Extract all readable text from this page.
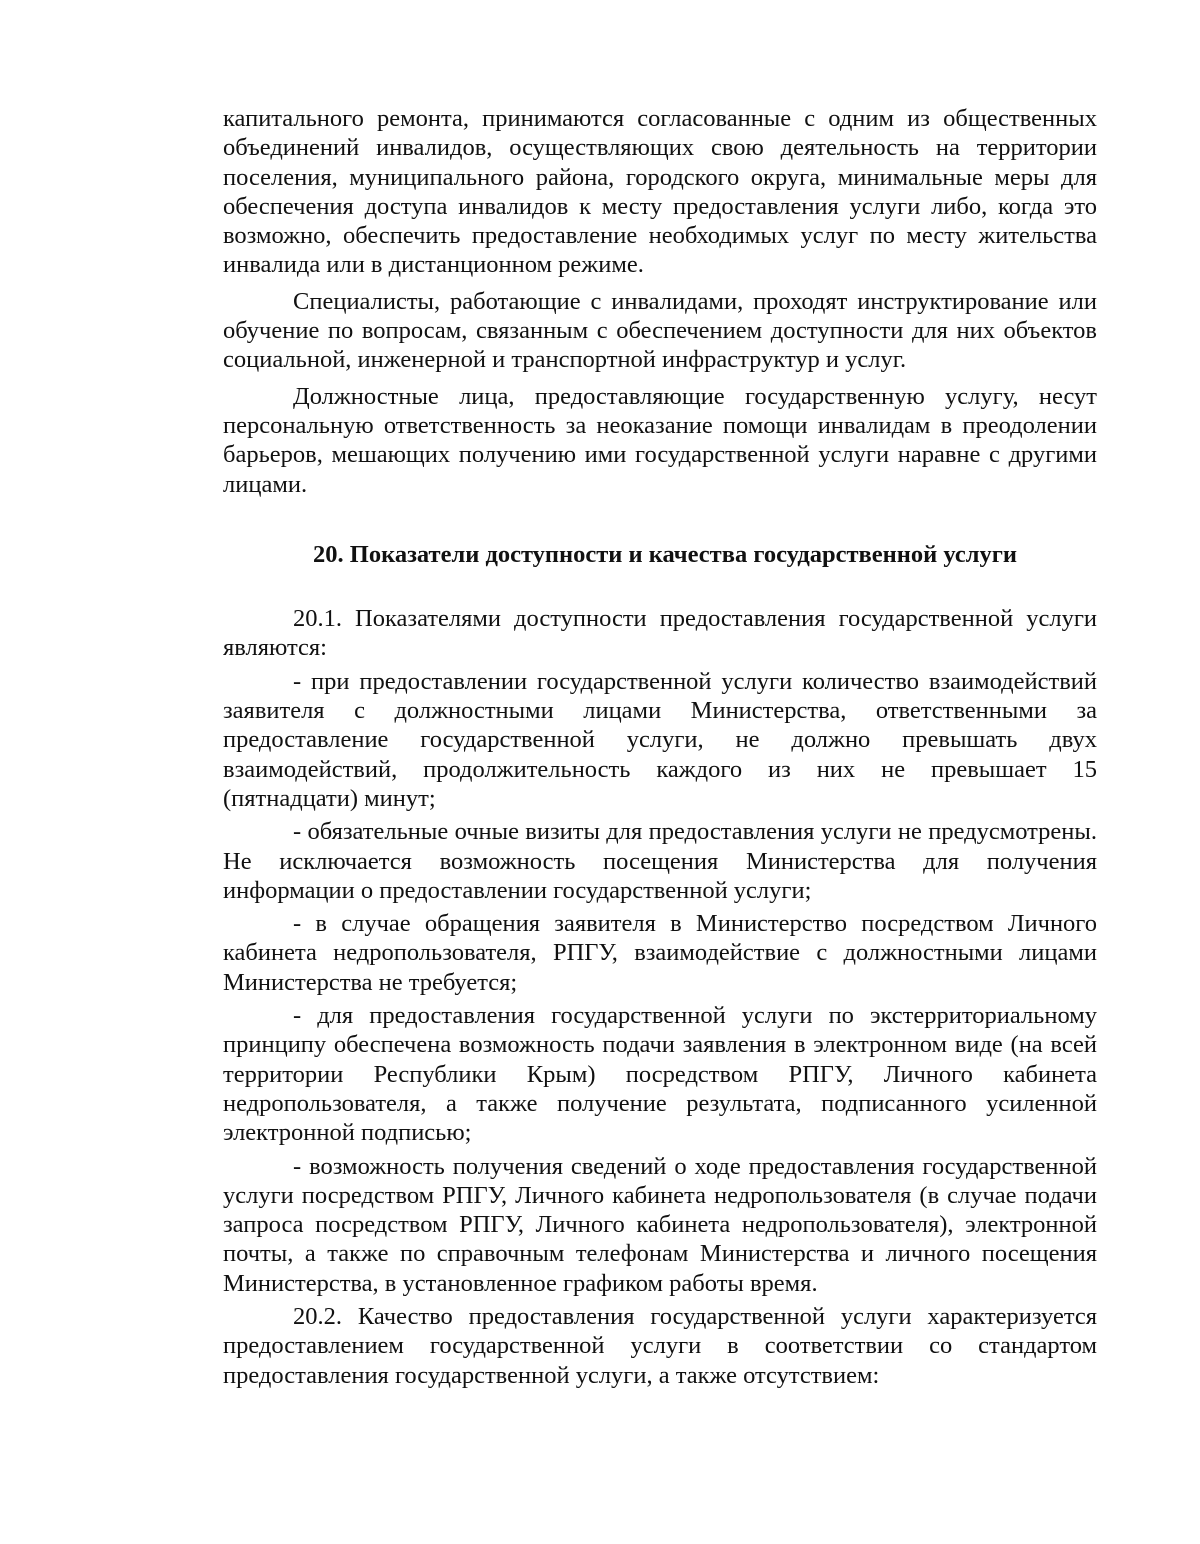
капитального ремонта, принимаются согласованные с одним из общественных объединений инвалидов, осуществляющих свою деятельность на территории поселения, муниципального района, городского округа, минимальные меры для обеспечения доступа инвалидов к месту предоставления услуги либо, когда это возможно, обеспечить предоставление необходимых услуг по месту жительства инвалида или в дистанционном режиме.

Специалисты, работающие с инвалидами, проходят инструктирование или обучение по вопросам, связанным с обеспечением доступности для них объектов социальной, инженерной и транспортной инфраструктур и услуг.

Должностные лица, предоставляющие государственную услугу, несут персональную ответственность за неоказание помощи инвалидам в преодолении барьеров, мешающих получению ими государственной услуги наравне с другими лицами.

20. Показатели доступности и качества государственной услуги

20.1. Показателями доступности предоставления государственной услуги являются:

- при предоставлении государственной услуги количество взаимодействий заявителя с должностными лицами Министерства, ответственными за предоставление государственной услуги, не должно превышать двух взаимодействий, продолжительность каждого из них не превышает 15 (пятнадцати) минут;

- обязательные очные визиты для предоставления услуги не предусмотрены. Не исключается возможность посещения Министерства для получения информации о предоставлении государственной услуги;

- в случае обращения заявителя в Министерство посредством Личного кабинета недропользователя, РПГУ, взаимодействие с должностными лицами Министерства не требуется;

- для предоставления государственной услуги по экстерриториальному принципу обеспечена возможность подачи заявления в электронном виде (на всей территории Республики Крым) посредством РПГУ, Личного кабинета недропользователя, а также получение результата, подписанного усиленной электронной подписью;

- возможность получения сведений о ходе предоставления государственной услуги посредством РПГУ, Личного кабинета недропользователя (в случае подачи запроса посредством РПГУ, Личного кабинета недропользователя), электронной почты, а также по справочным телефонам Министерства и личного посещения Министерства, в установленное графиком работы время.

20.2. Качество предоставления государственной услуги характеризуется предоставлением государственной услуги в соответствии со стандартом предоставления государственной услуги, а также отсутствием:
